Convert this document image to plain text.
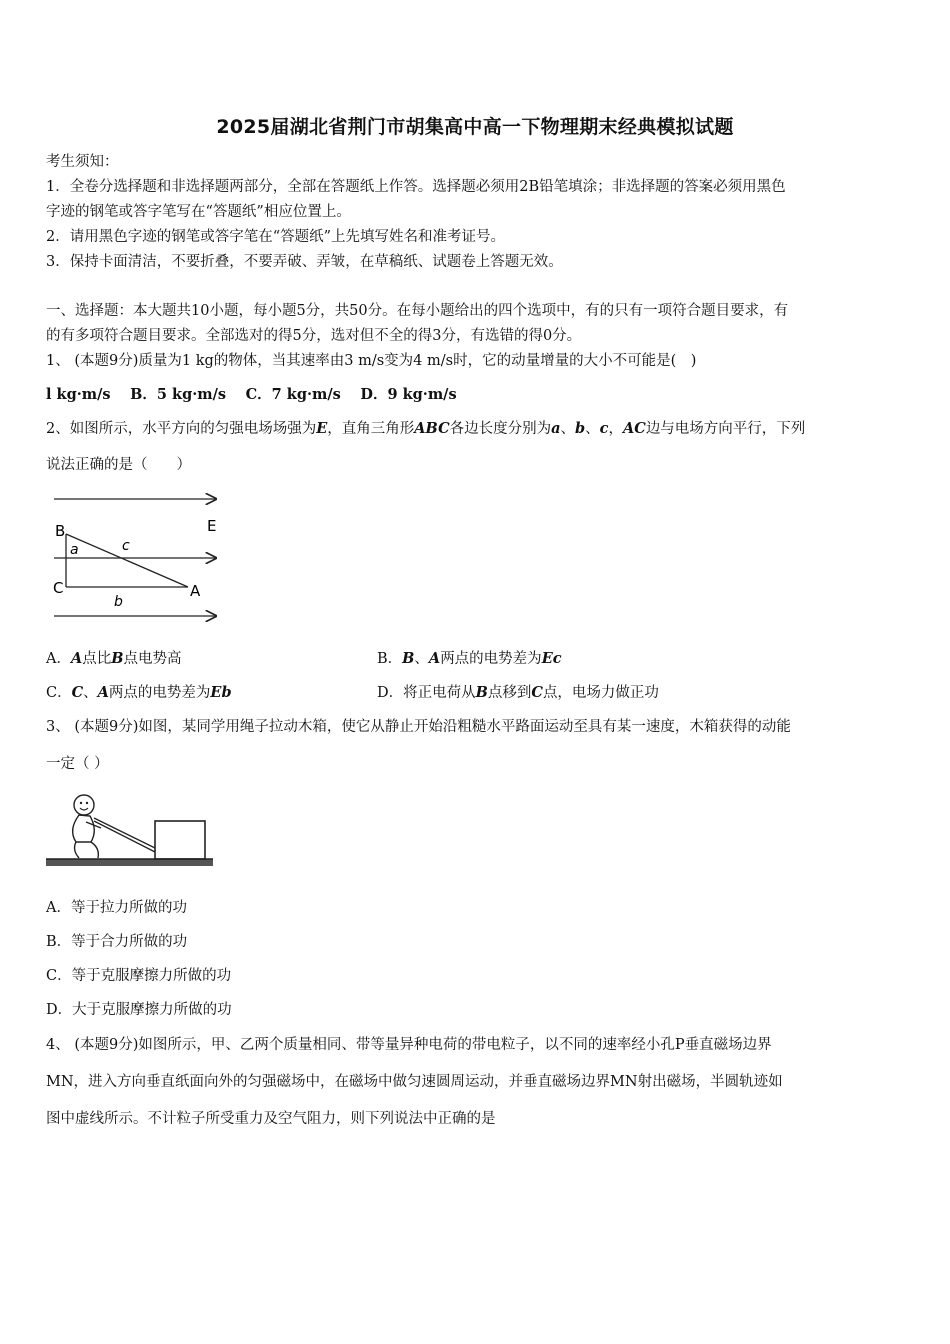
2025届湖北省荆门市胡集高中高一下物理期末经典模拟试题
考生须知：
1．全卷分选择题和非选择题两部分，全部在答题纸上作答。选择题必须用2B铅笔填涂；非选择题的答案必须用黑色
字迹的钢笔或答字笔写在“答题纸”相应位置上。
2．请用黑色字迹的钢笔或答字笔在“答题纸”上先填写姓名和准考证号。
3．保持卡面清洁，不要折叠，不要弄破、弄皱，在草稿纸、试题卷上答题无效。
一、选择题：本大题共10小题，每小题5分，共50分。在每小题给出的四个选项中，有的只有一项符合题目要求，有
的有多项符合题目要求。全部选对的得5分，选对但不全的得3分，有选错的得0分。
1、 (本题9分)质量为1 kg的物体，当其速率由3 m/s变为4 m/s时，它的动量增量的大小不可能是(　)
l kg·m/s　 B．5 kg·m/s　 C．7 kg·m/s　 D．9 kg·m/s
2、如图所示，水平方向的匀强电场场强为E，直角三角形ABC各边长度分别为a、b、c，AC边与电场方向平行，下列
说法正确的是（　　）
B	E
a	c
C	A
b
A．A点比B点电势高	B．B、A两点的电势差为Ec
C．C、A两点的电势差为Eb	D．将正电荷从B点移到C点，电场力做正功
3、 (本题9分)如图，某同学用绳子拉动木箱，使它从静止开始沿粗糙水平路面运动至具有某一速度，木箱获得的动能
一定（ ）
A．等于拉力所做的功
B．等于合力所做的功
C．等于克服摩擦力所做的功
D．大于克服摩擦力所做的功
4、 (本题9分)如图所示，甲、乙两个质量相同、带等量异种电荷的带电粒子，以不同的速率经小孔P垂直磁场边界
MN，进入方向垂直纸面向外的匀强磁场中，在磁场中做匀速圆周运动，并垂直磁场边界MN射出磁场，半圆轨迹如
图中虚线所示。不计粒子所受重力及空气阻力，则下列说法中正确的是
